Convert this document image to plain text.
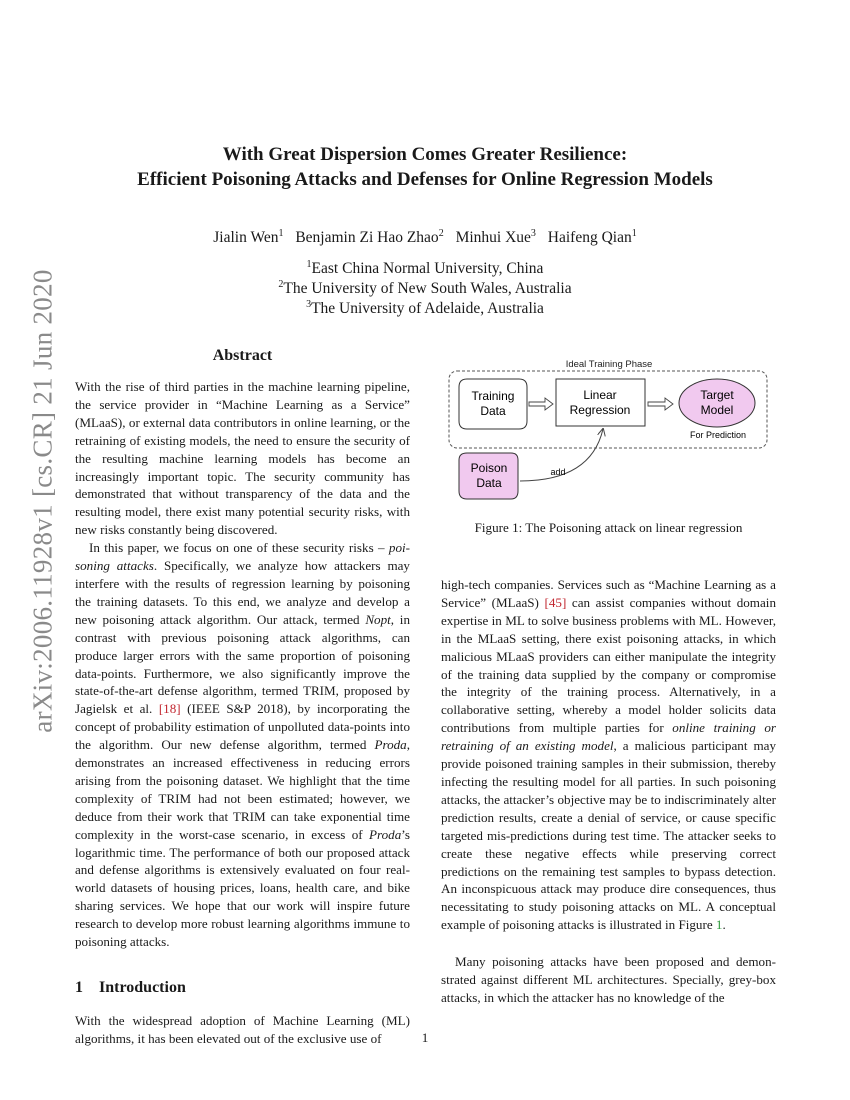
arXiv:2006.11928v1 [cs.CR] 21 Jun 2020
With Great Dispersion Comes Greater Resilience:
Efficient Poisoning Attacks and Defenses for Online Regression Models
Jialin Wen$^1$ Benjamin Zi Hao Zhao$^2$ Minhui Xue$^3$ Haifeng Qian$^1$
$^1$East China Normal University, China
$^2$The University of New South Wales, Australia
$^3$The University of Adelaide, Australia
Abstract

With the rise of third parties in the machine learning pipeline, the service provider in “Machine Learning as a Service” (MLaaS), or external data contributors in online learning, or the retraining of existing models, the need to ensure the security of the resulting machine learning models has become an increasingly important topic. The security community has demonstrated that without transparency of the data and the resulting model, there exist many potential security risks, with new risks constantly being discovered.

In this paper, we focus on one of these security risks – poisoning attacks. Specifically, we analyze how attackers may interfere with the results of regression learning by poisoning the training datasets. To this end, we analyze and develop a new poisoning attack algorithm. Our attack, termed Nopt, in contrast with previous poisoning attack algorithms, can produce larger errors with the same proportion of poisoning data-points. Furthermore, we also significantly improve the state-of-the-art defense algorithm, termed TRIM, proposed by Jagielsk et al. [18] (IEEE S&P 2018), by incorporating the concept of probability estimation of unpolluted data-points into the algorithm. Our new defense algorithm, termed Proda, demonstrates an increased effectiveness in reducing errors arising from the poisoning dataset. We highlight that the time complexity of TRIM had not been estimated; however, we deduce from their work that TRIM can take exponential time complexity in the worst-case scenario, in excess of Proda’s logarithmic time. The performance of both our proposed attack and defense algorithms is extensively evaluated on four real-world datasets of housing prices, loans, health care, and bike sharing services. We hope that our work will inspire future research to develop more robust learning algorithms immune to poisoning attacks.

1 Introduction

With the widespread adoption of Machine Learning (ML) algorithms, it has been elevated out of the exclusive use of

Ideal Training Phase
Training
Data
Linear
Regression
Target
Model
For Prediction
Poison
Data
add
Figure 1: The Poisoning attack on linear regression

high-tech companies. Services such as “Machine Learning as a Service” (MLaaS) [45] can assist companies without domain expertise in ML to solve business problems with ML. However, in the MLaaS setting, there exist poisoning attacks, in which malicious MLaaS providers can either manipulate the integrity of the training data supplied by the company or compromise the integrity of the training process. Alternatively, in a collaborative setting, whereby a model holder solicits data contributions from multiple parties for online training or retraining of an existing model, a malicious participant may provide poisoned training samples in their submission, thereby infecting the resulting model for all parties. In such poisoning attacks, the attacker’s objective may be to indiscriminately alter prediction results, create a denial of service, or cause specific targeted mis-predictions during test time. The attacker seeks to create these negative effects while preserving correct predictions on the remaining test samples to bypass detection. An inconspicuous attack may produce dire consequences, thus necessitating to study poisoning attacks on ML. A conceptual example of poisoning attacks is illustrated in Figure 1.

Many poisoning attacks have been proposed and demonstrated against different ML architectures. Specially, grey-box attacks, in which the attacker has no knowledge of the

1
